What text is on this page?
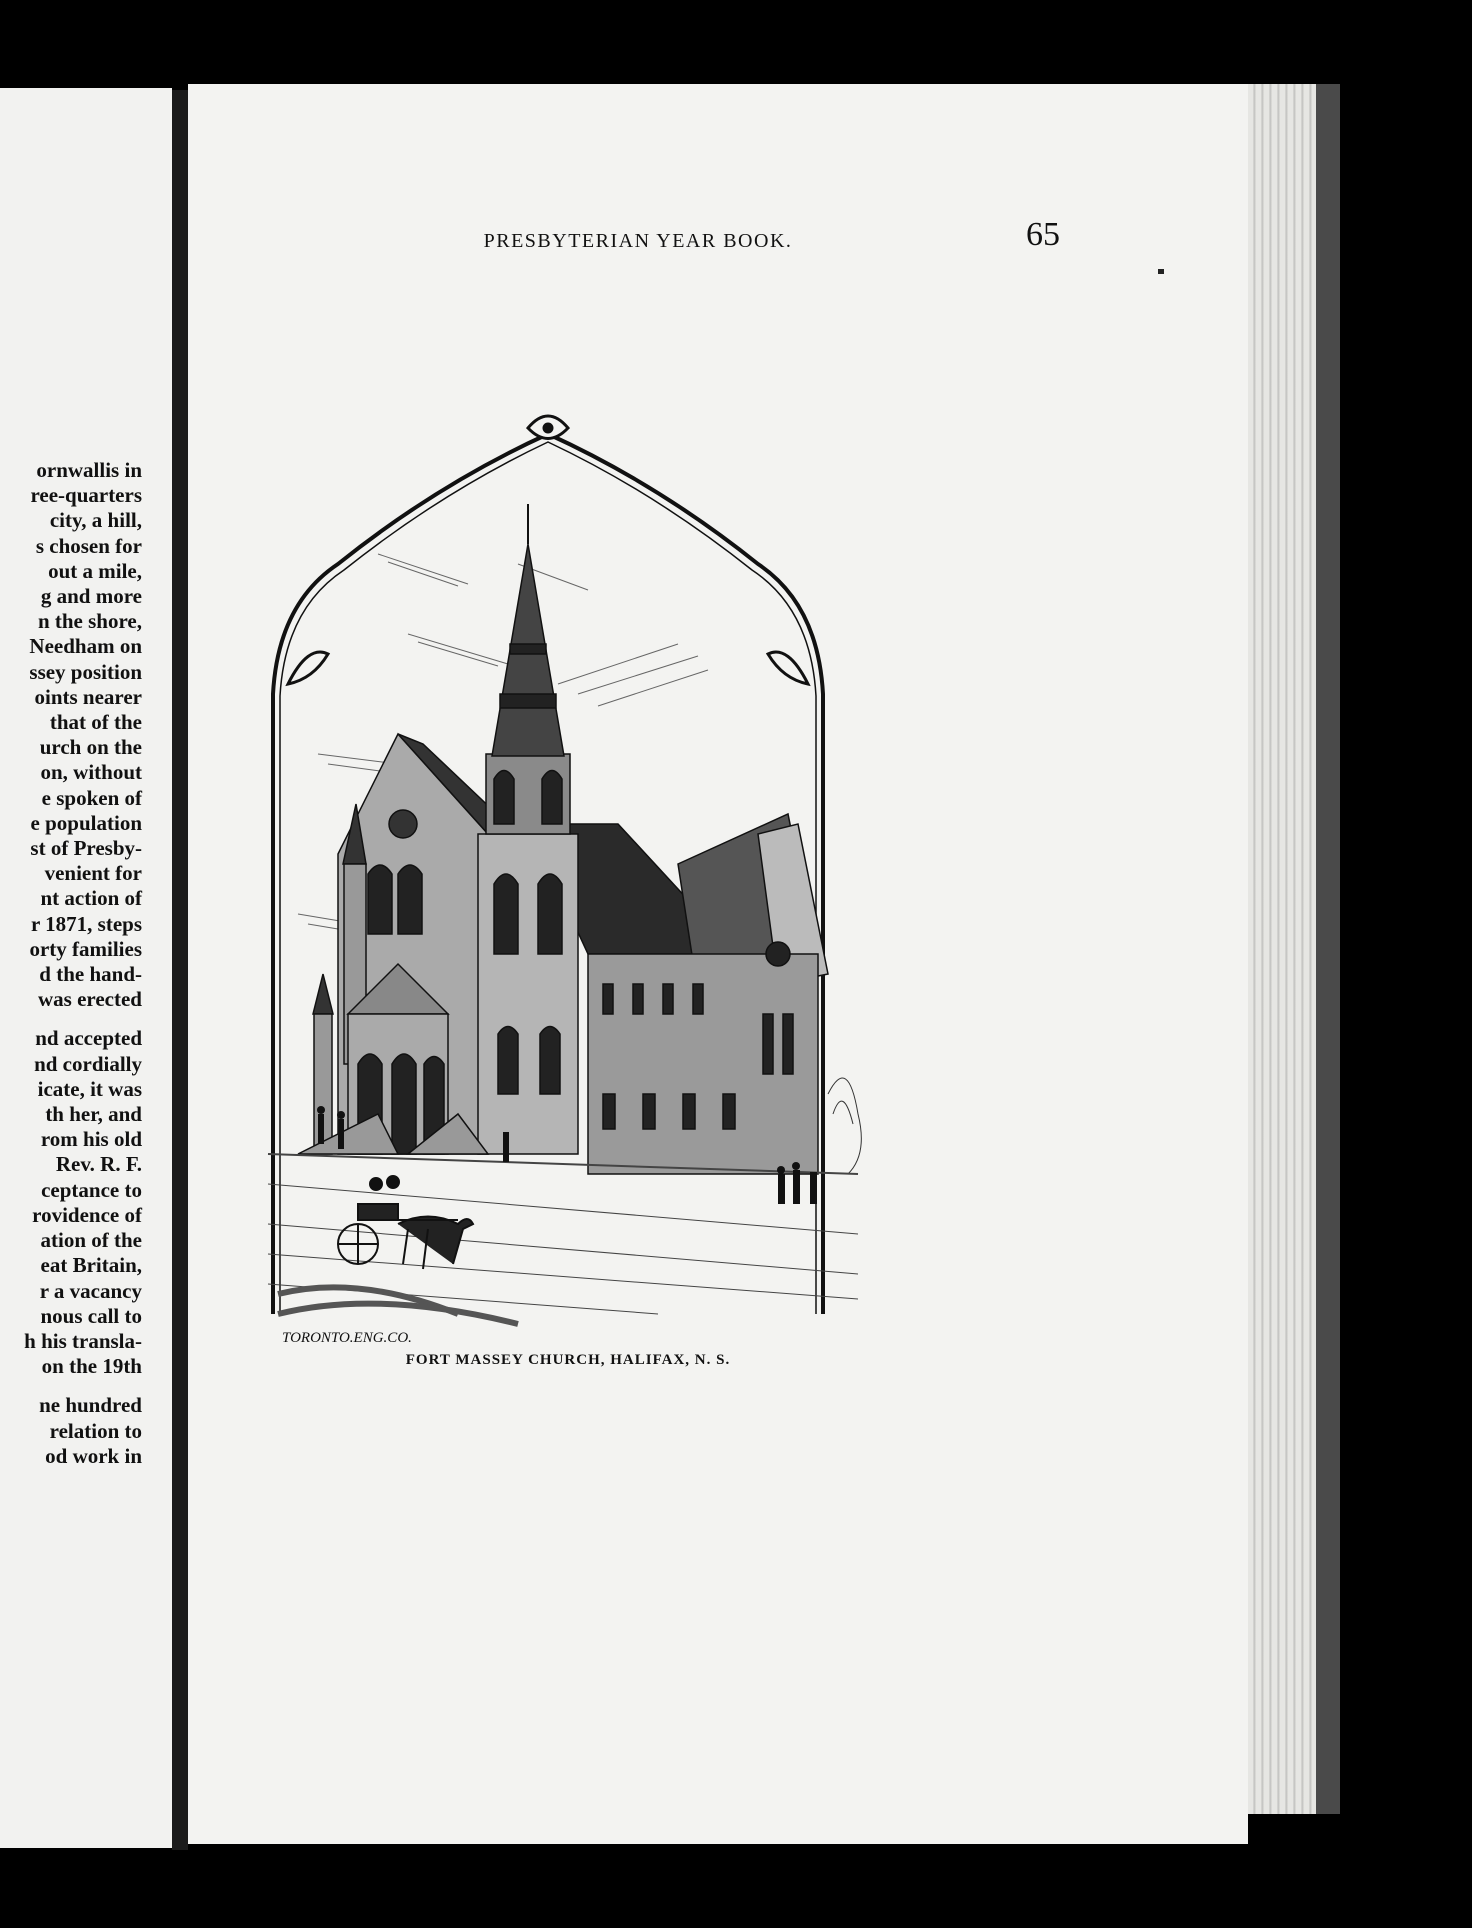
ornwallis in
ree-quarters
city, a hill,
s chosen for
out a mile,
g and more
n the shore,
Needham on
ssey position
oints nearer
that of the
urch on the
on, without
e spoken of
e population
st of Presby-
venient for
nt action of
r 1871, steps
orty families
d the hand-
was erected
nd accepted
nd cordially
icate, it was
th her, and
rom his old
Rev. R. F.
ceptance to
rovidence of
ation of the
eat Britain,
r a vacancy
nous call to
h his transla-
on the 19th
ne hundred
relation to
od work in
PRESBYTERIAN YEAR BOOK.	65
TORONTO.ENG.CO.
FORT MASSEY CHURCH, HALIFAX, N. S.
